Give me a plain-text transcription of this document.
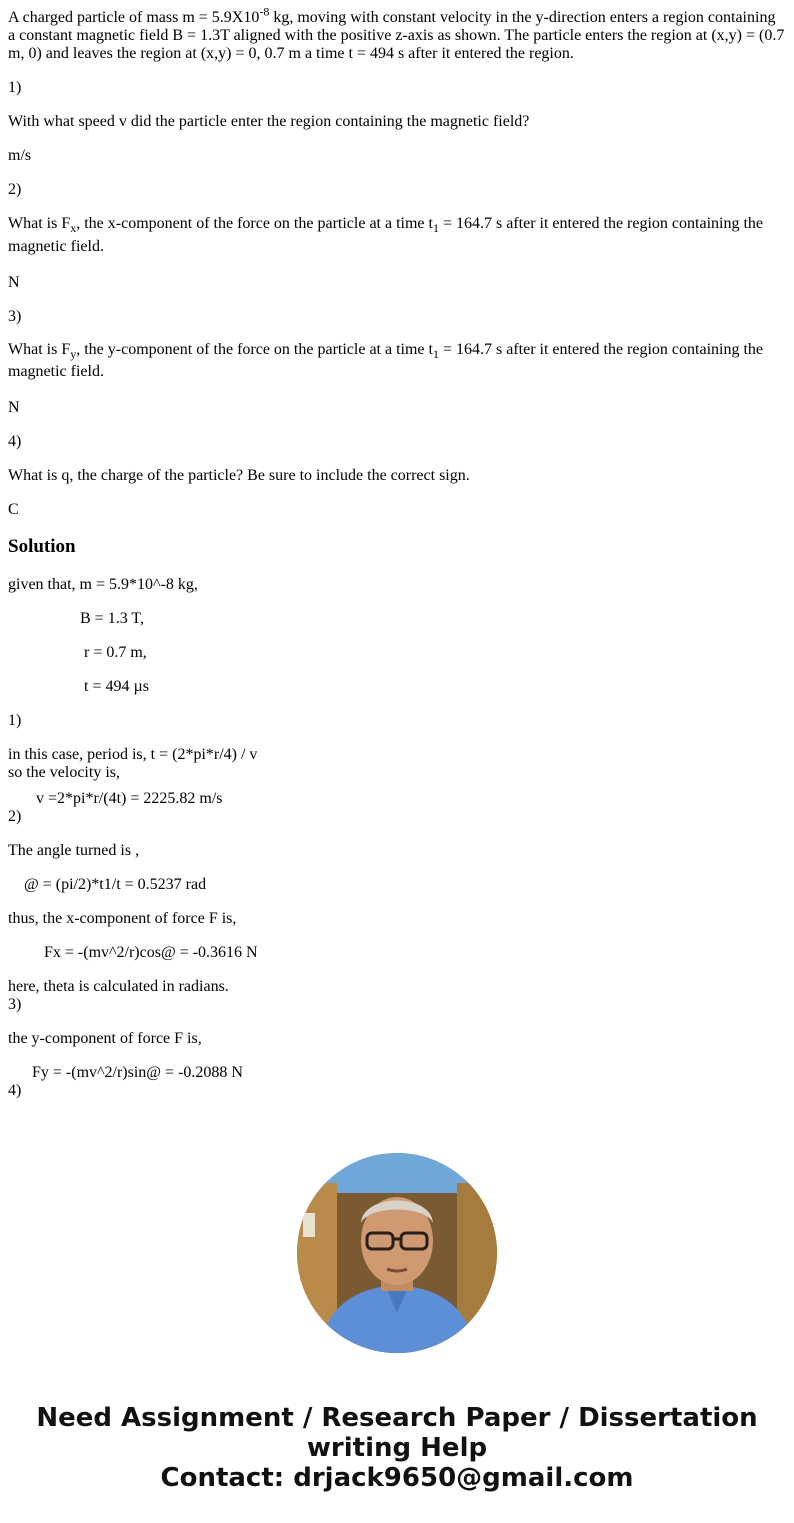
A charged particle of mass $m = 5.9X10^{-8}$ kg, moving with constant velocity in the y-direction enters a region containing a constant magnetic field B = 1.3T aligned with the positive z-axis as shown. The particle enters the region at (x,y) = (0.7 m, 0) and leaves the region at (x,y) = 0, 0.7 m a time t = 494 s after it entered the region.

1)

With what speed v did the particle enter the region containing the magnetic field?

m/s

2)

What is $F_x$, the x-component of the force on the particle at a time $t_1 = 164.7$ s after it entered the region containing the magnetic field.

N

3)

What is $F_y$, the y-component of the force on the particle at a time $t_1 = 164.7$ s after it entered the region containing the magnetic field.

N

4)

What is q, the charge of the particle? Be sure to include the correct sign.

C

Solution

given that, m = 5.9*10^-8 kg,

B = 1.3 T,

r = 0.7 m,

t = 494 µs

1)

in this case, period is, t = (2*pi*r/4) / v

so the velocity is,
v =2*pi*r/(4t) = 2225.82 m/s
2)

The angle turned is ,

@ = (pi/2)*t1/t = 0.5237 rad

thus, the x-component of force F is,

Fx = -(mv^2/r)cos@ = -0.3616 N

here, theta is calculated in radians.

3)

the y-component of force F is,

Fy = -(mv^2/r)sin@ = -0.2088 N

4)
Need Assignment / Research Paper / Dissertation
writing Help
Contact: drjack9650@gmail.com
